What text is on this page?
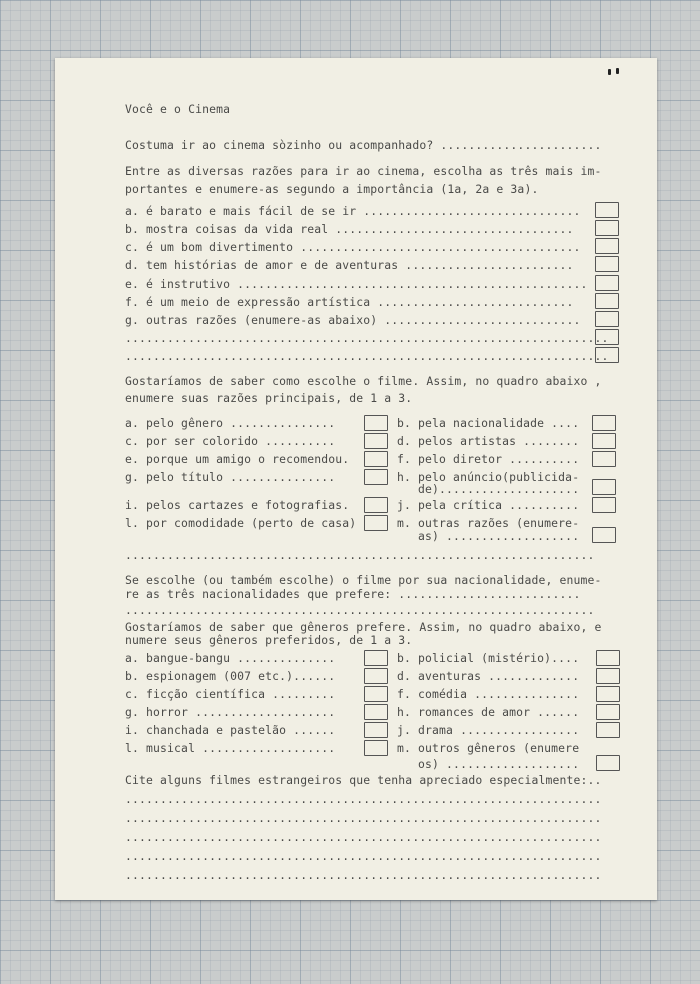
Você e o Cinema
Costuma ir ao cinema sòzinho ou acompanhado? .......................
Entre as diversas razões para ir ao cinema, escolha as três mais im-
portantes e enumere-as segundo a importância (1a, 2a e 3a).
a. é barato e mais fácil de se ir ...............................
b. mostra coisas da vida real ..................................
c. é um bom divertimento ........................................
d. tem histórias de amor e de aventuras ........................
e. é instrutivo ..................................................
f. é um meio de expressão artística ............................
g. outras razões (enumere-as abaixo) ............................
.....................................................................
.....................................................................
Gostaríamos de saber como escolhe o filme. Assim, no quadro abaixo ,
enumere suas razões principais, de 1 a 3.
a. pelo gênero ...............
c. por ser colorido ..........
e. porque um amigo o recomendou.
g. pelo título ...............
i. pelos cartazes e fotografias.
l. por comodidade (perto de casa)
b. pela nacionalidade ....
d. pelos artistas ........
f. pelo diretor ..........
h. pelo anúncio(publicida-
de)....................
j. pela crítica ..........
m. outras razões (enumere-
as) ...................
...................................................................
Se escolhe (ou também escolhe) o filme por sua nacionalidade, enume-
re as três nacionalidades que prefere: ..........................
...................................................................
Gostaríamos de saber que gêneros prefere. Assim, no quadro abaixo, e
numere seus gêneros preferidos, de 1 a 3.
a. bangue-bangu ..............
b. espionagem (007 etc.)......
c. ficção científica .........
g. horror ....................
i. chanchada e pastelão ......
l. musical ...................
b. policial (mistério)....
d. aventuras .............
f. comédia ...............
h. romances de amor ......
j. drama .................
m. outros gêneros (enumere
os) ...................
Cite alguns filmes estrangeiros que tenha apreciado especialmente:..
....................................................................
....................................................................
....................................................................
....................................................................
....................................................................
